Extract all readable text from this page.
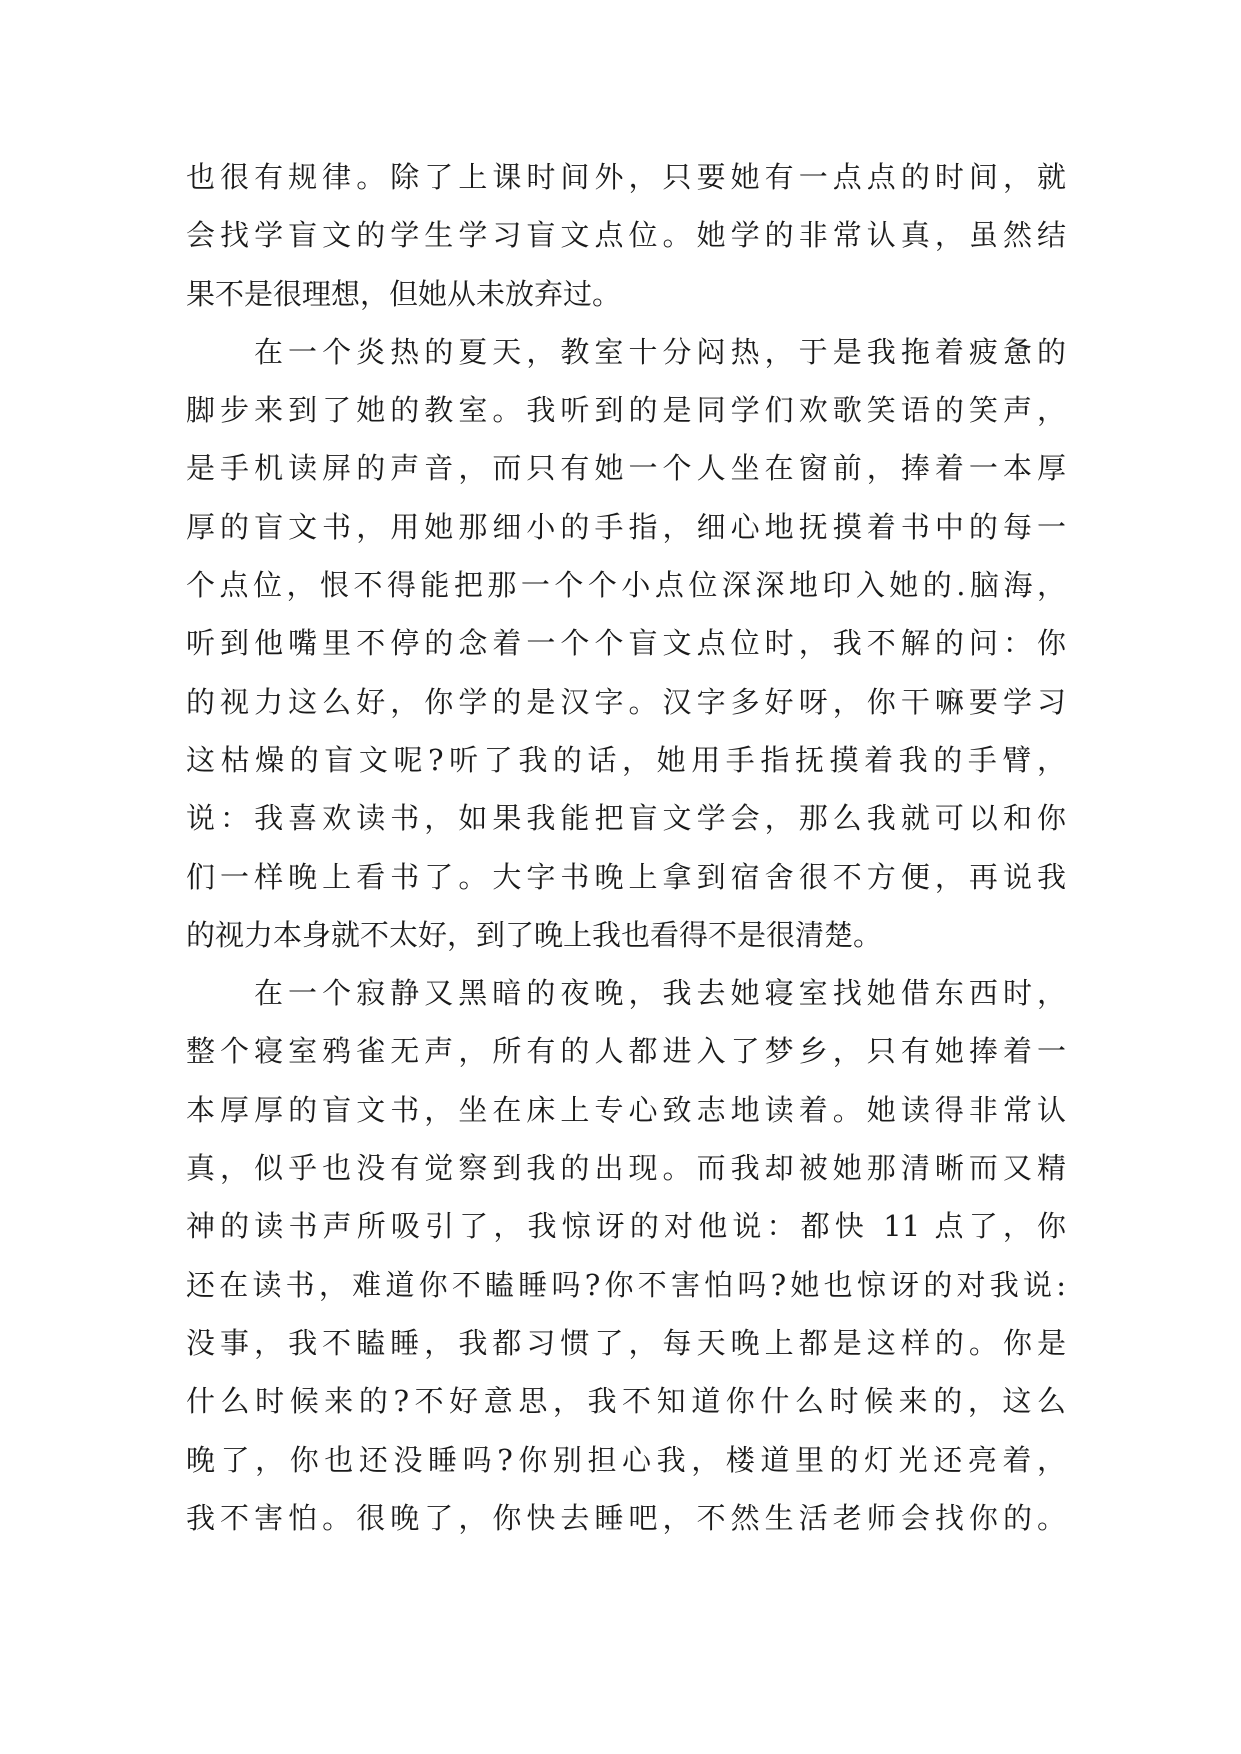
也很有规律。除了上课时间外，只要她有一点点的时间，就
会找学盲文的学生学习盲文点位。她学的非常认真，虽然结
果不是很理想，但她从未放弃过。
在一个炎热的夏天，教室十分闷热，于是我拖着疲惫的
脚步来到了她的教室。我听到的是同学们欢歌笑语的笑声，
是手机读屏的声音，而只有她一个人坐在窗前，捧着一本厚
厚的盲文书，用她那细小的手指，细心地抚摸着书中的每一
个点位，恨不得能把那一个个小点位深深地印入她的.脑海，
听到他嘴里不停的念着一个个盲文点位时，我不解的问：你
的视力这么好，你学的是汉字。汉字多好呀，你干嘛要学习
这枯燥的盲文呢?听了我的话，她用手指抚摸着我的手臂，
说：我喜欢读书，如果我能把盲文学会，那么我就可以和你
们一样晚上看书了。大字书晚上拿到宿舍很不方便，再说我
的视力本身就不太好，到了晚上我也看得不是很清楚。
在一个寂静又黑暗的夜晚，我去她寝室找她借东西时，
整个寝室鸦雀无声，所有的人都进入了梦乡，只有她捧着一
本厚厚的盲文书，坐在床上专心致志地读着。她读得非常认
真，似乎也没有觉察到我的出现。而我却被她那清晰而又精
神的读书声所吸引了，我惊讶的对他说：都快 11 点了，你
还在读书，难道你不瞌睡吗?你不害怕吗?她也惊讶的对我说:
没事，我不瞌睡，我都习惯了，每天晚上都是这样的。你是
什么时候来的?不好意思，我不知道你什么时候来的，这么
晚了，你也还没睡吗?你别担心我，楼道里的灯光还亮着，
我不害怕。很晚了，你快去睡吧，不然生活老师会找你的。
